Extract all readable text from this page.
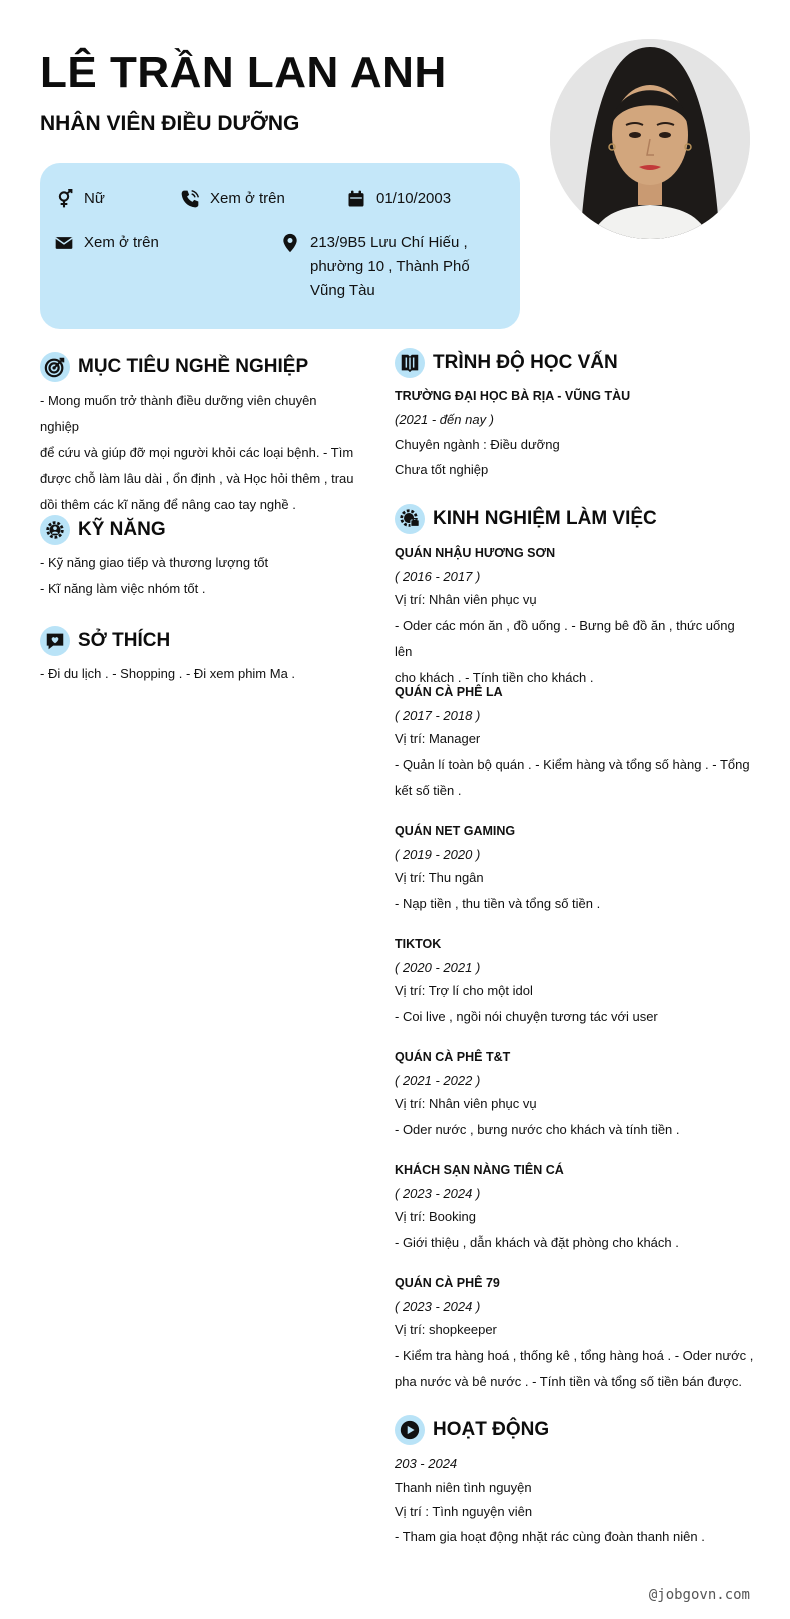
LÊ TRẦN LAN ANH
NHÂN VIÊN ĐIỀU DƯỠNG
Nữ	Xem ở trên	01/10/2003
Xem ở trên	213/9B5 Lưu Chí Hiếu ,
phường 10 , Thành Phố
Vũng Tàu
MỤC TIÊU NGHỀ NGHIỆP
- Mong muốn trở thành điều dưỡng viên chuyên nghiệp
để cứu và giúp đỡ mọi người khỏi các loại bệnh. - Tìm
được chỗ làm lâu dài , ổn định , và Học hỏi thêm , trau
dồi thêm các kĩ năng để nâng cao tay nghề .
KỸ NĂNG
- Kỹ năng giao tiếp và thương lượng tốt
- Kĩ năng làm việc nhóm tốt .
SỞ THÍCH
- Đi du lịch . - Shopping . - Đi xem phim Ma .
TRÌNH ĐỘ HỌC VẤN
TRƯỜNG ĐẠI HỌC BÀ RỊA - VŨNG TÀU
(2021 - đến nay )
Chuyên ngành : Điều dưỡng
Chưa tốt nghiệp
KINH NGHIỆM LÀM VIỆC
QUÁN NHẬU HƯƠNG SƠN
( 2016 - 2017 )
Vị trí: Nhân viên phục vụ
- Oder các món ăn , đồ uống . - Bưng bê đồ ăn , thức uống lên
cho khách . - Tính tiền cho khách .
QUÁN CÀ PHÊ LA
( 2017 - 2018 )
Vị trí: Manager
- Quản lí toàn bộ quán . - Kiểm hàng và tổng số hàng . - Tổng
kết số tiền .
QUÁN NET GAMING
( 2019 - 2020 )
Vị trí: Thu ngân
- Nạp tiền , thu tiền và tổng số tiền .
TIKTOK
( 2020 - 2021 )
Vị trí: Trợ lí cho một idol
- Coi live , ngồi nói chuyện tương tác với user
QUÁN CÀ PHÊ T&T
( 2021 - 2022 )
Vị trí: Nhân viên phục vụ
- Oder nước , bưng nước cho khách và tính tiền .
KHÁCH SẠN NÀNG TIÊN CÁ
( 2023 - 2024 )
Vị trí: Booking
- Giới thiệu , dẫn khách và đặt phòng cho khách .
QUÁN CÀ PHÊ 79
( 2023 - 2024 )
Vị trí: shopkeeper
- Kiểm tra hàng hoá , thống kê , tổng hàng hoá . - Oder nước ,
pha nước và bê nước . - Tính tiền và tổng số tiền bán được.
HOẠT ĐỘNG
203 - 2024
Thanh niên tình nguyện
Vị trí : Tình nguyện viên
- Tham gia hoạt động nhặt rác cùng đoàn thanh niên .
@jobgovn.com
